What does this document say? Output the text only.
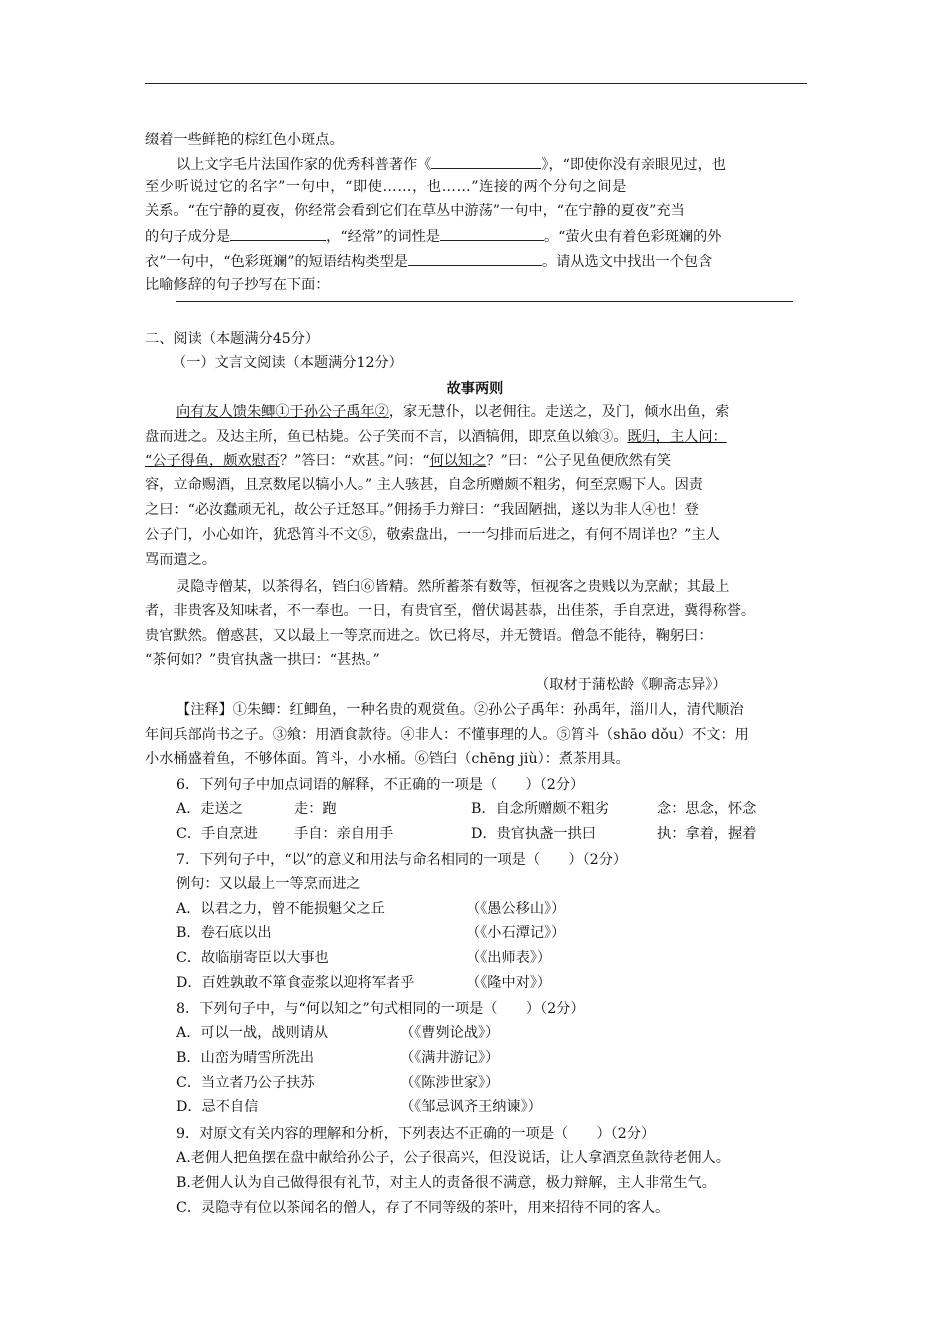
缀着一些鲜艳的棕红色小斑点。
以上文字毛片法国作家的优秀科普著作《	》，“即使你没有亲眼见过，也
至少听说过它的名字”一句中，“即使……，也……”连接的两个分句之间是
关系。“在宁静的夏夜，你经常会看到它们在草丛中游荡”一句中，“在宁静的夏夜”充当
的句子成分是	，“经常”的词性是	。“萤火虫有着色彩斑斓的外
衣”一句中，“色彩斑斓”的短语结构类型是	。请从选文中找出一个包含
比喻修辞的句子抄写在下面：
二、阅读（本题满分45分）
（一）文言文阅读（本题满分12分）
故事两则
向有友人馈朱鲫①于孙公子禹年②，家无慧仆，以老佣往。走送之，及门，倾水出鱼，索
盘而进之。及达主所，鱼已枯毙。公子笑而不言，以酒犒佣，即烹鱼以飨③。既归，主人问：
“公子得鱼，颇欢慰否？”答曰：“欢甚。”问：“何以知之？”曰：“公子见鱼便欣然有笑
容，立命赐酒，且烹数尾以犒小人。” 主人骇甚，自念所赠颇不粗劣，何至烹赐下人。因责
之曰：“必汝蠢顽无礼，故公子迁怒耳。”佣扬手力辩曰：“我固陋拙，遂以为非人④也！登
公子门，小心如许，犹恐筲斗不文⑤，敬索盘出，一一匀排而后进之，有何不周详也？”主人
骂而遣之。
灵隐寺僧某，以茶得名，铛臼⑥皆精。然所蓄茶有数等，恒视客之贵贱以为烹献；其最上
者，非贵客及知味者，不一奉也。一日，有贵官至，僧伏谒甚恭，出佳茶，手自烹进，冀得称誉。
贵官默然。僧惑甚，又以最上一等烹而进之。饮已将尽，并无赞语。僧急不能待，鞠躬曰：
“茶何如？”贵官执盏一拱曰：“甚热。”
（取材于蒲松龄《聊斋志异》）
【注释】①朱鲫：红鲫鱼，一种名贵的观赏鱼。②孙公子禹年：孙禹年，淄川人，清代顺治
年间兵部尚书之子。③飨：用酒食款待。④非人：不懂事理的人。⑤筲斗（shāo dǒu）不文：用
小水桶盛着鱼，不够体面。筲斗，小水桶。⑥铛臼（chēng jiù）：煮茶用具。
6．下列句子中加点词语的解释，不正确的一项是（　　）（2分）
A．走送之	走：跑	B．自念所赠颇不粗劣	念：思念，怀念
C．手自烹进	手自：亲自用手	D．贵官执盏一拱曰	执：拿着，握着
7．下列句子中，“以”的意义和用法与命名相同的一项是（　　）（2分）
例句：又以最上一等烹而进之
A．以君之力，曾不能损魁父之丘	（《愚公移山》）
B．卷石底以出	（《小石潭记》）
C．故临崩寄臣以大事也	（《出师表》）
D．百姓孰敢不箪食壶浆以迎将军者乎	（《隆中对》）
8．下列句子中，与“何以知之”句式相同的一项是（　　）（2分）
A．可以一战，战则请从	（《曹刿论战》）
B．山峦为晴雪所洗出	（《满井游记》）
C．当立者乃公子扶苏	（《陈涉世家》）
D．忌不自信	（《邹忌讽齐王纳谏》）
9．对原文有关内容的理解和分析，下列表达不正确的一项是（　　）（2分）
A.老佣人把鱼摆在盘中献给孙公子，公子很高兴，但没说话，让人拿酒烹鱼款待老佣人。
B.老佣人认为自己做得很有礼节，对主人的责备很不满意，极力辩解，主人非常生气。
C．灵隐寺有位以茶闻名的僧人，存了不同等级的茶叶，用来招待不同的客人。
